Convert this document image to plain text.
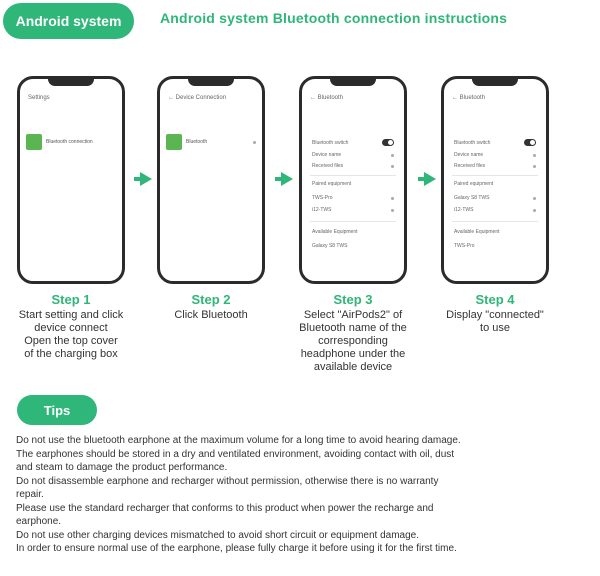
Android system	Android system Bluetooth connection instructions
Settings
Bluetooth connection
← Device Connection
Bluetooth
← Bluetooth
Bluetooth switch
Device name
Received files
Paired equipment
TWS-Pro
i12-TWS
Available Equipment
Galaxy S8 TWS
← Bluetooth
Bluetooth switch
Device name
Received files
Paired equipment
Galaxy S8 TWS
i12-TWS
Available Equipment
TWS-Pro
Step 1
Start setting and click
device connect
Open the top cover
of the charging box
Step 2
Click Bluetooth
Step 3
Select "AirPods2" of
Bluetooth name of the
corresponding
headphone under the
available device
Step 4
Display "connected"
to use
Tips
Do not use the bluetooth earphone at the maximum volume for a long time to avoid hearing damage.
The earphones should be stored in a dry and ventilated environment, avoiding contact with oil, dust
and steam to damage the product performance.
Do not disassemble earphone and recharger without permission, otherwise there is no warranty
repair.
Please use the standard recharger that conforms to this product when power the recharge and
earphone.
Do not use other charging devices mismatched to avoid short circuit or equipment damage.
In order to ensure normal use of the earphone, please fully charge it before using it for the first time.
